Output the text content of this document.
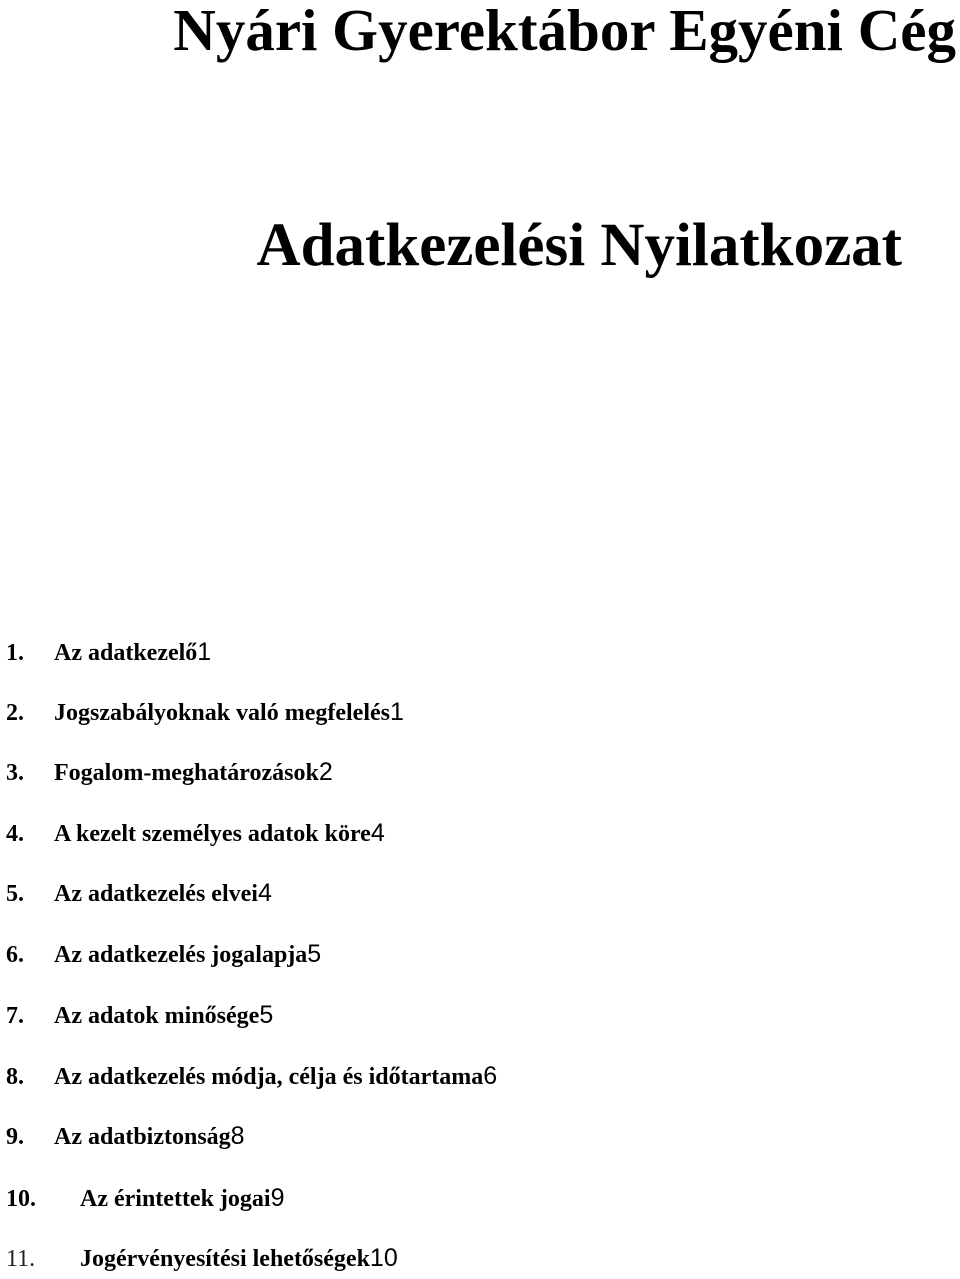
Nyári Gyerektábor Egyéni Cég
Adatkezelési Nyilatkozat
1.	Az adatkezelő 1
2.	Jogszabályoknak való megfelelés 1
3.	Fogalom-meghatározások 2
4.	A kezelt személyes adatok köre 4
5.	Az adatkezelés elvei 4
6.	Az adatkezelés jogalapja 5
7.	Az adatok minősége 5
8.	Az adatkezelés módja, célja és időtartama 6
9.	Az adatbiztonság 8
10.	Az érintettek jogai 9
11.	Jogérvényesítési lehetőségek 10
